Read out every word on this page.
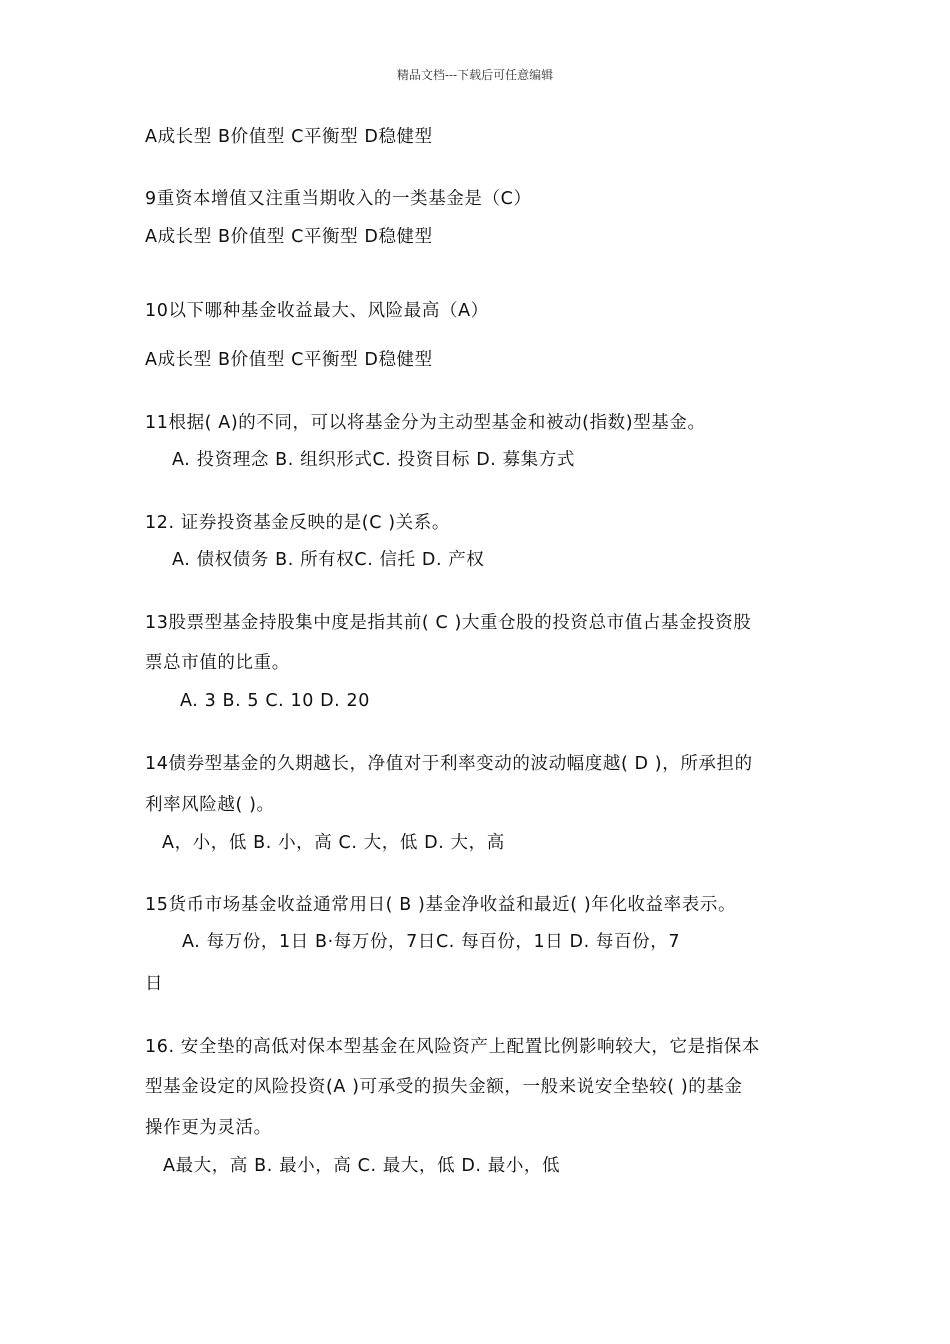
精品文档---下载后可任意编辑
A成长型 B价值型 C平衡型 D稳健型
9重资本增值又注重当期收入的一类基金是（C）
A成长型 B价值型 C平衡型 D稳健型
10以下哪种基金收益最大、风险最高（A）
A成长型 B价值型 C平衡型 D稳健型
11根据( A)的不同，可以将基金分为主动型基金和被动(指数)型基金。
A. 投资理念 B. 组织形式C. 投资目标 D. 募集方式
12. 证券投资基金反映的是(C )关系。
A. 债权债务 B. 所有权C. 信托 D. 产权
13股票型基金持股集中度是指其前( C )大重仓股的投资总市值占基金投资股
票总市值的比重。
A. 3 B. 5 C. 10 D. 20
14债券型基金的久期越长，净值对于利率变动的波动幅度越( D )，所承担的
利率风险越( )。
A，小，低 B. 小，高 C. 大，低 D. 大，高
15货币市场基金收益通常用日( B )基金净收益和最近( )年化收益率表示。
A. 每万份，1日 B·每万份，7日C. 每百份，1日 D. 每百份，7
日
16. 安全垫的高低对保本型基金在风险资产上配置比例影响较大，它是指保本
型基金设定的风险投资(A )可承受的损失金额，一般来说安全垫较( )的基金
操作更为灵活。
A最大，高 B. 最小，高 C. 最大，低 D. 最小，低
